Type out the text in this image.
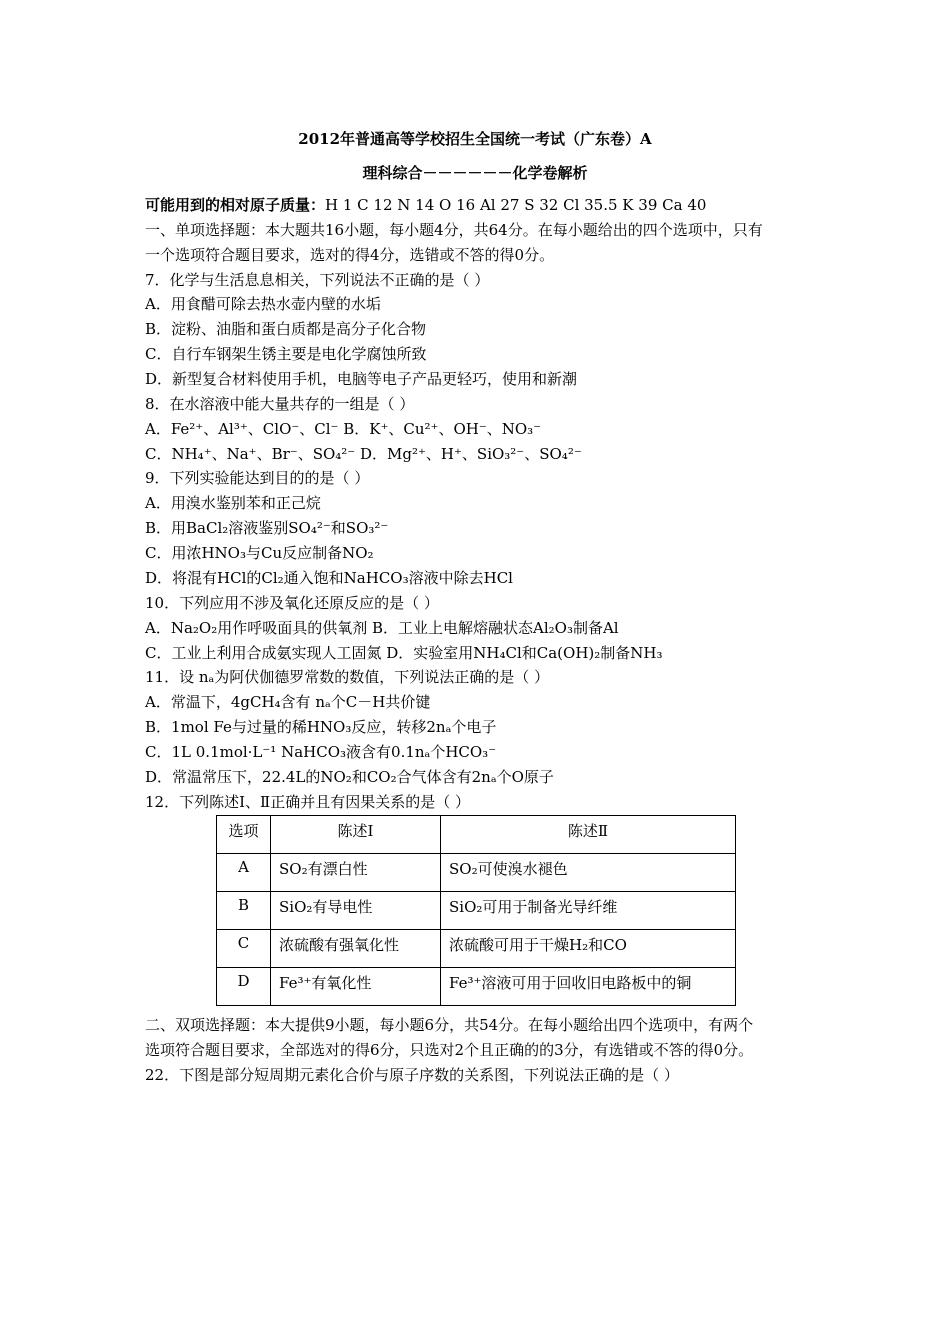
2012年普通高等学校招生全国统一考试（广东卷）A
理科综合－－－－－－化学卷解析
可能用到的相对原子质量：H 1 C 12 N 14 O 16 Al 27 S 32 Cl 35.5 K 39 Ca 40
一、单项选择题：本大题共16小题，每小题4分，共64分。在每小题给出的四个选项中，只有
一个选项符合题目要求，选对的得4分，选错或不答的得0分。
7．化学与生活息息相关，下列说法不正确的是（ ）
A．用食醋可除去热水壶内壁的水垢
B．淀粉、油脂和蛋白质都是高分子化合物
C．自行车钢架生锈主要是电化学腐蚀所致
D．新型复合材料使用手机，电脑等电子产品更轻巧，使用和新潮
8．在水溶液中能大量共存的一组是（ ）
A．Fe²⁺、Al³⁺、ClO⁻、Cl⁻ B．K⁺、Cu²⁺、OH⁻、NO₃⁻
C．NH₄⁺、Na⁺、Br⁻、SO₄²⁻ D．Mg²⁺、H⁺、SiO₃²⁻、SO₄²⁻
9．下列实验能达到目的的是（ ）
A．用溴水鉴别苯和正己烷
B．用BaCl₂溶液鉴别SO₄²⁻和SO₃²⁻
C．用浓HNO₃与Cu反应制备NO₂
D．将混有HCl的Cl₂通入饱和NaHCO₃溶液中除去HCl
10．下列应用不涉及氧化还原反应的是（ ）
A．Na₂O₂用作呼吸面具的供氧剂 B．工业上电解熔融状态Al₂O₃制备Al
C．工业上利用合成氨实现人工固氮 D．实验室用NH₄Cl和Ca(OH)₂制备NH₃
11．设 nₐ为阿伏伽德罗常数的数值，下列说法正确的是（ ）
A．常温下，4gCH₄含有 nₐ个C－H共价键
B．1mol Fe与过量的稀HNO₃反应，转移2nₐ个电子
C．1L 0.1mol·L⁻¹ NaHCO₃液含有0.1nₐ个HCO₃⁻
D．常温常压下，22.4L的NO₂和CO₂合气体含有2nₐ个O原子
12．下列陈述Ⅰ、Ⅱ正确并且有因果关系的是（ ）
选项	陈述Ⅰ	陈述Ⅱ
A	SO₂有漂白性	SO₂可使溴水褪色
B	SiO₂有导电性	SiO₂可用于制备光导纤维
C	浓硫酸有强氧化性	浓硫酸可用于干燥H₂和CO
D	Fe³⁺有氧化性	Fe³⁺溶液可用于回收旧电路板中的铜
二、双项选择题：本大提供9小题，每小题6分，共54分。在每小题给出四个选项中，有两个
选项符合题目要求，全部选对的得6分，只选对2个且正确的的3分，有选错或不答的得0分。
22．下图是部分短周期元素化合价与原子序数的关系图，下列说法正确的是（ ）
